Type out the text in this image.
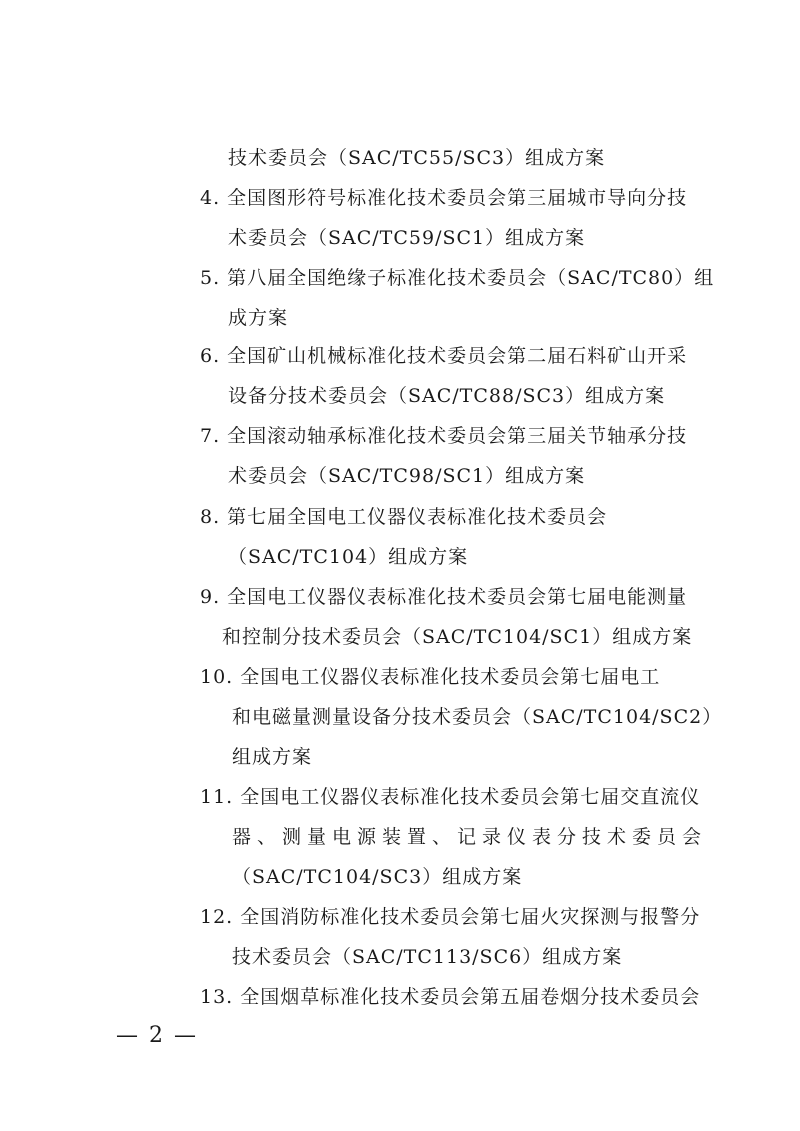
技术委员会（SAC/TC55/SC3）组成方案
4. 全国图形符号标准化技术委员会第三届城市导向分技
术委员会（SAC/TC59/SC1）组成方案
5. 第八届全国绝缘子标准化技术委员会（SAC/TC80）组
成方案
6. 全国矿山机械标准化技术委员会第二届石料矿山开采
设备分技术委员会（SAC/TC88/SC3）组成方案
7. 全国滚动轴承标准化技术委员会第三届关节轴承分技
术委员会（SAC/TC98/SC1）组成方案
8. 第七届全国电工仪器仪表标准化技术委员会
（SAC/TC104）组成方案
9. 全国电工仪器仪表标准化技术委员会第七届电能测量
和控制分技术委员会（SAC/TC104/SC1）组成方案
10. 全国电工仪器仪表标准化技术委员会第七届电工
和电磁量测量设备分技术委员会（SAC/TC104/SC2）
组成方案
11. 全国电工仪器仪表标准化技术委员会第七届交直流仪
器、测量电源装置、记录仪表分技术委员会
（SAC/TC104/SC3）组成方案
12. 全国消防标准化技术委员会第七届火灾探测与报警分
技术委员会（SAC/TC113/SC6）组成方案
13. 全国烟草标准化技术委员会第五届卷烟分技术委员会
— 2 —
